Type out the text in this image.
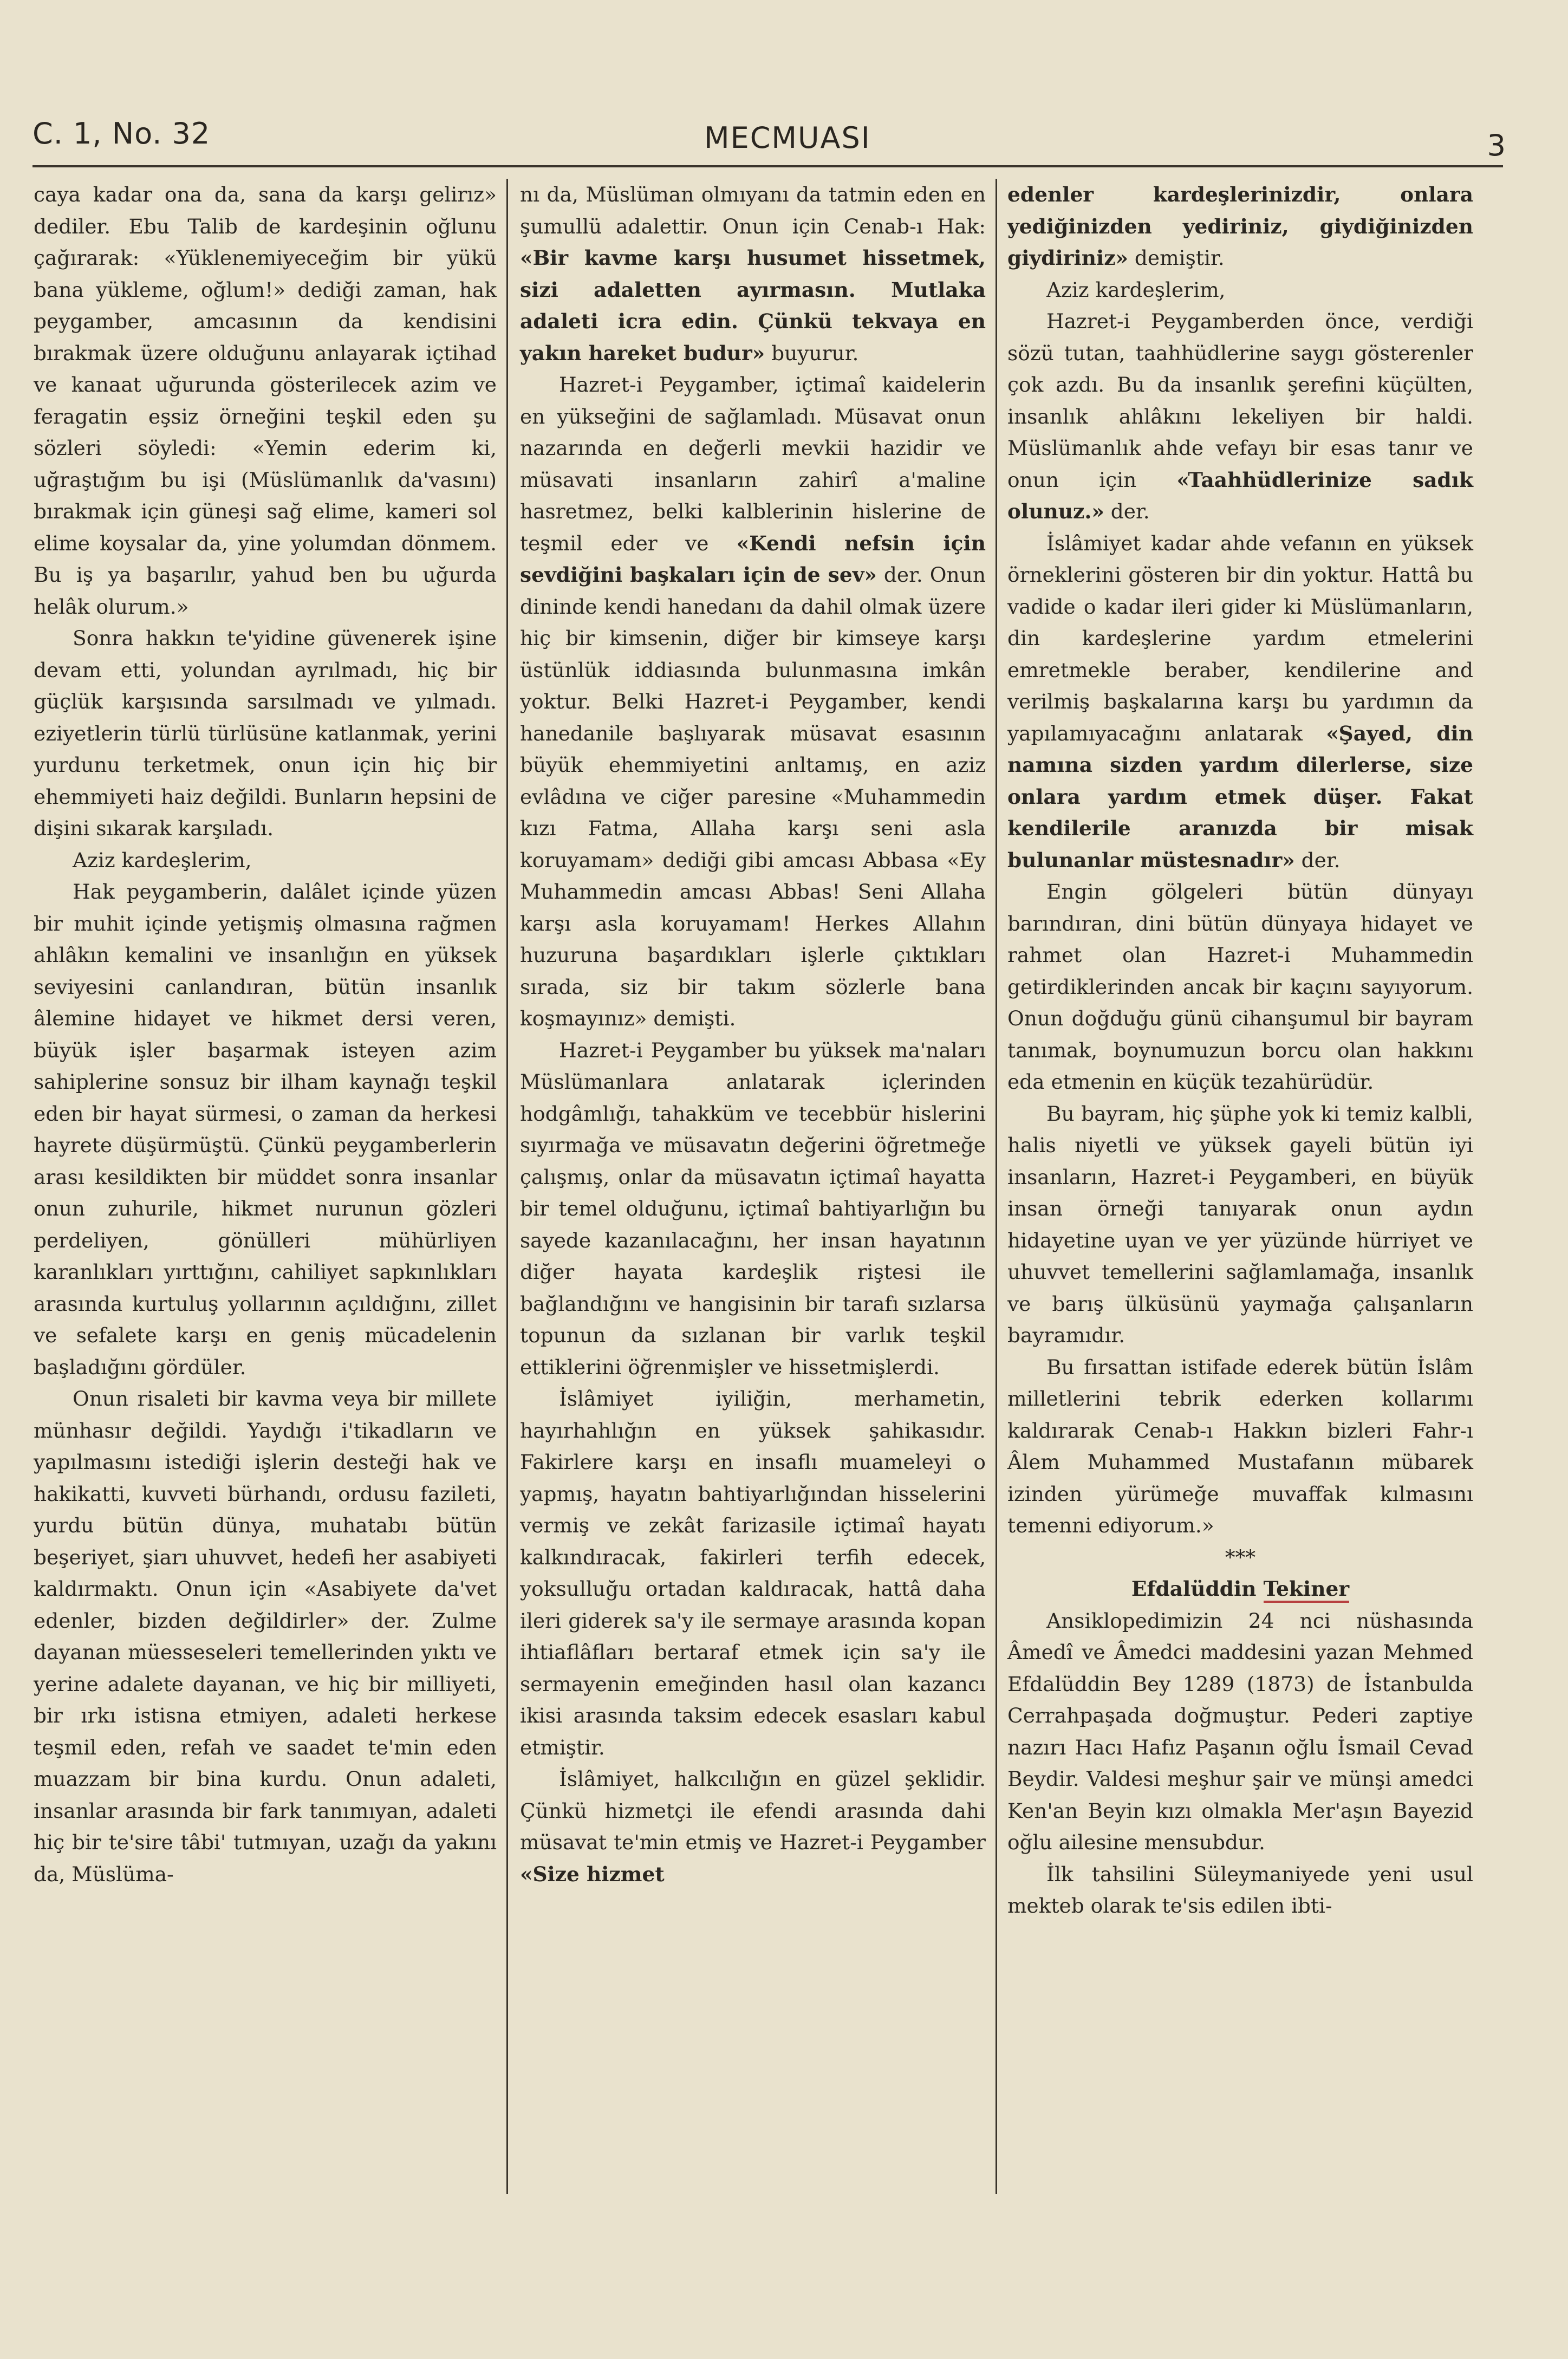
C. 1, No. 32	MECMUASI	3

caya kadar ona da, sana da karşı gelirız» dediler. Ebu Talib de kardeşinin oğlunu çağırarak: «Yüklenemiyeceğim bir yükü bana yükleme, oğlum!» dediği zaman, hak peygamber, amcasının da kendisini bırakmak üzere olduğunu anlayarak içtihad ve kanaat uğurunda gösterilecek azim ve feragatin eşsiz örneğini teşkil eden şu sözleri söyledi: «Yemin ederim ki, uğraştığım bu işi (Müslümanlık da'vasını) bırakmak için güneşi sağ elime, kameri sol elime koysalar da, yine yolumdan dönmem. Bu iş ya başarılır, yahud ben bu uğurda helâk olurum.»

Sonra hakkın te'yidine güvenerek işine devam etti, yolundan ayrılmadı, hiç bir güçlük karşısında sarsılmadı ve yılmadı. eziyetlerin türlü türlüsüne katlanmak, yerini yurdunu terketmek, onun için hiç bir ehemmiyeti haiz değildi. Bunların hepsini de dişini sıkarak karşıladı.

Aziz kardeşlerim,

Hak peygamberin, dalâlet içinde yüzen bir muhit içinde yetişmiş olmasına rağmen ahlâkın kemalini ve insanlığın en yüksek seviyesini canlandıran, bütün insanlık âlemine hidayet ve hikmet dersi veren, büyük işler başarmak isteyen azim sahiplerine sonsuz bir ilham kaynağı teşkil eden bir hayat sürmesi, o zaman da herkesi hayrete düşürmüştü. Çünkü peygamberlerin arası kesildikten bir müddet sonra insanlar onun zuhurile, hikmet nurunun gözleri perdeliyen, gönülleri mühürliyen karanlıkları yırttığını, cahiliyet sapkınlıkları arasında kurtuluş yollarının açıldığını, zillet ve sefalete karşı en geniş mücadelenin başladığını gördüler.

Onun risaleti bir kavma veya bir millete münhasır değildi. Yaydığı i'tikadların ve yapılmasını istediği işlerin desteği hak ve hakikatti, kuvveti bürhandı, ordusu fazileti, yurdu bütün dünya, muhatabı bütün beşeriyet, şiarı uhuvvet, hedefi her asabiyeti kaldırmaktı. Onun için «Asabiyete da'vet edenler, bizden değildirler» der. Zulme dayanan müesseseleri temellerinden yıktı ve yerine adalete dayanan, ve hiç bir milliyeti, bir ırkı istisna etmiyen, adaleti herkese teşmil eden, refah ve saadet te'min eden muazzam bir bina kurdu. Onun adaleti, insanlar arasında bir fark tanımıyan, adaleti hiç bir te'sire tâbi' tutmıyan, uzağı da yakını da, Müslüma-

nı da, Müslüman olmıyanı da tatmin eden en şumullü adalettir. Onun için Cenab-ı Hak: «Bir kavme karşı husumet hissetmek, sizi adaletten ayırmasın. Mutlaka adaleti icra edin. Çünkü tekvaya en yakın hareket budur» buyurur.

Hazret-i Peygamber, içtimaî kaidelerin en yükseğini de sağlamladı. Müsavat onun nazarında en değerli mevkii hazidir ve müsavati insanların zahirî a'maline hasretmez, belki kalblerinin hislerine de teşmil eder ve «Kendi nefsin için sevdiğini başkaları için de sev» der. Onun dininde kendi hanedanı da dahil olmak üzere hiç bir kimsenin, diğer bir kimseye karşı üstünlük iddiasında bulunmasına imkân yoktur. Belki Hazret-i Peygamber, kendi hanedanile başlıyarak müsavat esasının büyük ehemmiyetini anltamış, en aziz evlâdına ve ciğer paresine «Muhammedin kızı Fatma, Allaha karşı seni asla koruyamam» dediği gibi amcası Abbasa «Ey Muhammedin amcası Abbas! Seni Allaha karşı asla koruyamam! Herkes Allahın huzuruna başardıkları işlerle çıktıkları sırada, siz bir takım sözlerle bana koşmayınız» demişti.

Hazret-i Peygamber bu yüksek ma'naları Müslümanlara anlatarak içlerinden hodgâmlığı, tahakküm ve tecebbür hislerini sıyırmağa ve müsavatın değerini öğretmeğe çalışmış, onlar da müsavatın içtimaî hayatta bir temel olduğunu, içtimaî bahtiyarlığın bu sayede kazanılacağını, her insan hayatının diğer hayata kardeşlik riştesi ile bağlandığını ve hangisinin bir tarafı sızlarsa topunun da sızlanan bir varlık teşkil ettiklerini öğrenmişler ve hissetmişlerdi.

İslâmiyet iyiliğin, merhametin, hayırhahlığın en yüksek şahikasıdır. Fakirlere karşı en insaflı muameleyi o yapmış, hayatın bahtiyarlığından hisselerini vermiş ve zekât farizasile içtimaî hayatı kalkındıracak, fakirleri terfih edecek, yoksulluğu ortadan kaldıracak, hattâ daha ileri giderek sa'y ile sermaye arasında kopan ihtiaflâfları bertaraf etmek için sa'y ile sermayenin emeğinden hasıl olan kazancı ikisi arasında taksim edecek esasları kabul etmiştir.

İslâmiyet, halkcılığın en güzel şeklidir. Çünkü hizmetçi ile efendi arasında dahi müsavat te'min etmiş ve Hazret-i Peygamber «Size hizmet

edenler kardeşlerinizdir, onlara yediğinizden yediriniz, giydiğinizden giydiriniz» demiştir.

Aziz kardeşlerim,

Hazret-i Peygamberden önce, verdiği sözü tutan, taahhüdlerine saygı gösterenler çok azdı. Bu da insanlık şerefini küçülten, insanlık ahlâkını lekeliyen bir haldi. Müslümanlık ahde vefayı bir esas tanır ve onun için «Taahhüdlerinize sadık olunuz.» der.

İslâmiyet kadar ahde vefanın en yüksek örneklerini gösteren bir din yoktur. Hattâ bu vadide o kadar ileri gider ki Müslümanların, din kardeşlerine yardım etmelerini emretmekle beraber, kendilerine and verilmiş başkalarına karşı bu yardımın da yapılamıyacağını anlatarak «Şayed, din namına sizden yardım dilerlerse, size onlara yardım etmek düşer. Fakat kendilerile aranızda bir misak bulunanlar müstesnadır» der.

Engin gölgeleri bütün dünyayı barındıran, dini bütün dünyaya hidayet ve rahmet olan Hazret-i Muhammedin getirdiklerinden ancak bir kaçını sayıyorum. Onun doğduğu günü cihanşumul bir bayram tanımak, boynumuzun borcu olan hakkını eda etmenin en küçük tezahürüdür.

Bu bayram, hiç şüphe yok ki temiz kalbli, halis niyetli ve yüksek gayeli bütün iyi insanların, Hazret-i Peygamberi, en büyük insan örneği tanıyarak onun aydın hidayetine uyan ve yer yüzünde hürriyet ve uhuvvet temellerini sağlamlamağa, insanlık ve barış ülküsünü yaymağa çalışanların bayramıdır.

Bu fırsattan istifade ederek bütün İslâm milletlerini tebrik ederken kollarımı kaldırarak Cenab-ı Hakkın bizleri Fahr-ı Âlem Muhammed Mustafanın mübarek izinden yürümeğe muvaffak kılmasını temenni ediyorum.»

***

Efdalüddin Tekiner

Ansiklopedimizin 24 nci nüshasında Âmedî ve Âmedci maddesini yazan Mehmed Efdalüddin Bey 1289 (1873) de İstanbulda Cerrahpaşada doğmuştur. Pederi zaptiye nazırı Hacı Hafız Paşanın oğlu İsmail Cevad Beydir. Valdesi meşhur şair ve münşi amedci Ken'an Beyin kızı olmakla Mer'aşın Bayezid oğlu ailesine mensubdur.

İlk tahsilini Süleymaniyede yeni usul mekteb olarak te'sis edilen ibti-
